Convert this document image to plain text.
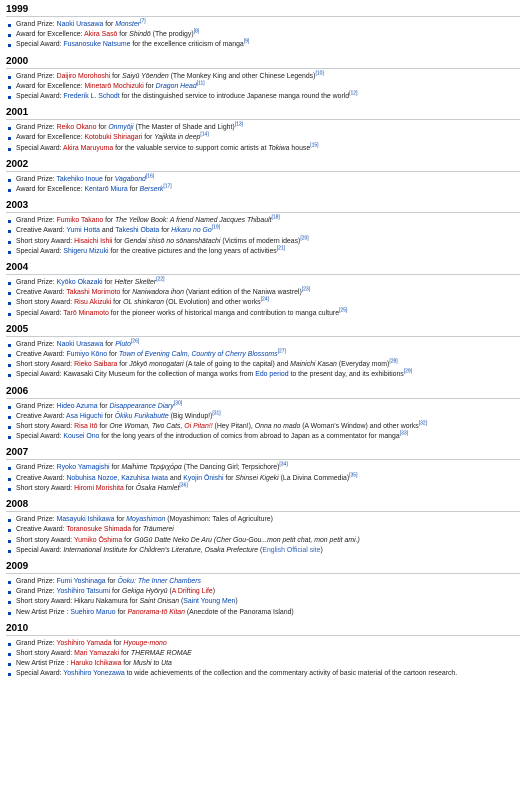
1999
Grand Prize: Naoki Urasawa for Monster[7]
Award for Excellence: Akira Sasō for Shindō (The prodigy)[8]
Special Award: Fusanosuke Natsume for the excellence criticism of manga[9]
2000
Grand Prize: Daijiro Morohoshi for Saiyū Yōenden (The Monkey King and other Chinese Legends)[10]
Award for Excellence: Minetarō Mochizuki for Dragon Head[11]
Special Award: Frederik L. Schodt for the distinguished service to introduce Japanese manga round the world[12]
2001
Grand Prize: Reiko Okano for Onmyōji (The Master of Shade and Light)[13]
Award for Excellence: Kotobuki Shiriagari for Yajikita in deep[14]
Special Award: Akira Maruyuma for the valuable service to support comic artists at Tokiwa house[15]
2002
Grand Prize: Takehiko Inoue for Vagabond[16]
Award for Excellence: Kentarō Miura for Berserk[17]
2003
Grand Prize: Fumiko Takano for The Yellow Book: A friend Named Jacques Thibault[18]
Creative Award: Yumi Hotta and Takeshi Obata for Hikaru no Go[19]
Short story Award: Hisaichi Ishii for Gendai shisō no sōnanshātachi (Victims of modern ideas)[20]
Special Award: Shigeru Mizuki for the creative pictures and the long years of activities[21]
2004
Grand Prize: Kyōko Okazaki for Helter Skelter[22]
Creative Award: Takashi Morimoto for Naniwadora ihon (Variant edition of the Naniwa wastrel)[23]
Short story Award: Risu Akizuki for OL shinkaron (OL Evolution) and other works[24]
Special Award: Tarō Minamoto for the pioneer works of historical manga and contribution to manga culture[25]
2005
Grand Prize: Naoki Urasawa for Pluto[26]
Creative Award: Fumiyo Kōno for Town of Evening Calm, Country of Cherry Blossoms[27]
Short story Award: Rieko Saibara for Jōkyō monogatari (A tale of going to the capital) and Mainichi Kasan (Everyday mom)[28]
Special Award: Kawasaki City Museum for the collection of manga works from Edo period to the present day, and its exhibitions[29]
2006
Grand Prize: Hideo Azuma for Disappearance Diary[30]
Creative Award: Asa Higuchi for Ōkiku Furikabutte (Big Windup!)[31]
Short story Award: Risa Itō for One Woman, Two Cats, Oi Pitan!! (Hey Pitan!), Onna no mado (A Woman's Window) and other works[32]
Special Award: Kousei Ono for the long years of the introduction of comics from abroad to Japan as a commentator for manga[33]
2007
Grand Prize: Ryoko Yamagishi for Maihime Τερψιχόρα (The Dancing Girl; Terpsichore)[34]
Creative Award: Nobuhisa Nozoe, Kazuhisa Iwata and Kyojin Ōnishi for Shinsei Kigeki (La Divina Commedia)[35]
Short story Award: Hiromi Morishita for Ōsaka Hamlet[36]
2008
Grand Prize: Masayuki Ishikawa for Moyashimon (Moyashimon: Tales of Agriculture)
Creative Award: Toranosuke Shimada for Träumerei
Short story Award: Yumiko Ōshima for GūGū Datte Neko De Aru (Cher Gou-Gou...mon petit chat, mon petit ami.)
Special Award: International Institute for Children's Literature, Osaka Prefecture (English Official site)
2009
Grand Prize: Fumi Yoshinaga for Ōoku: The Inner Chambers
Grand Prize: Yoshihiro Tatsumi for Gekiga Hyōryū (A Drifting Life)
Short story Award: Hikaru Nakamura for Saint Onisan (Saint Young Men)
New Artist Prize : Suehiro Maruo for Panorama-tō Kitan (Anecdote of the Panorama Island)
2010
Grand Prize: Yoshihiro Yamada for Hyouge-mono
Short story Award: Mari Yamazaki for THERMAE ROMAE
New Artist Prize : Haruko Ichikawa for Mushi to Uta
Special Award: Yoshihiro Yonezawa to wide achievements of the collection and the commentary activity of basic material of the cartoon research.
